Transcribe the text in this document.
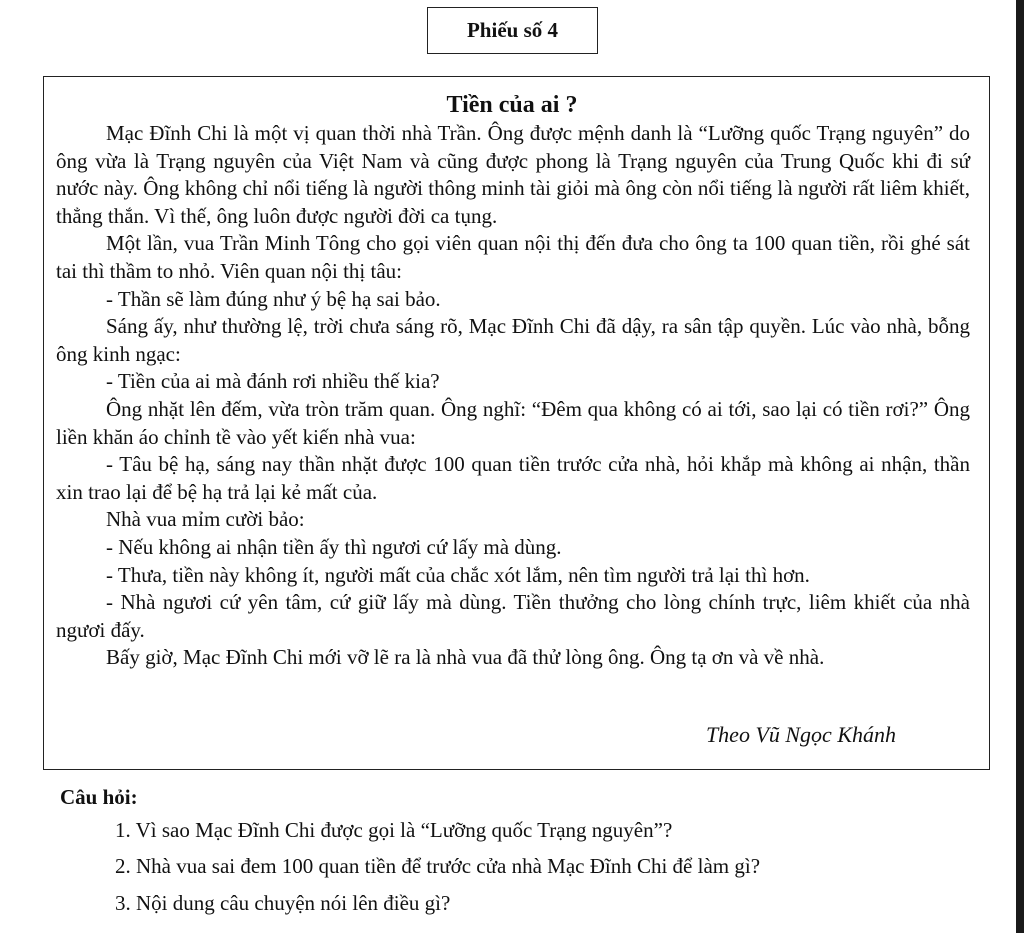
Phiếu số 4
Tiền của ai ?

Mạc Đĩnh Chi là một vị quan thời nhà Trần. Ông được mệnh danh là “Lưỡng quốc Trạng nguyên” do ông vừa là Trạng nguyên của Việt Nam và cũng được phong là Trạng nguyên của Trung Quốc khi đi sứ nước này. Ông không chỉ nổi tiếng là người thông minh tài giỏi mà ông còn nổi tiếng là người rất liêm khiết, thẳng thắn. Vì thế, ông luôn được người đời ca tụng.

Một lần, vua Trần Minh Tông cho gọi viên quan nội thị đến đưa cho ông ta 100 quan tiền, rồi ghé sát tai thì thầm to nhỏ. Viên quan nội thị tâu:

- Thần sẽ làm đúng như ý bệ hạ sai bảo.

Sáng ấy, như thường lệ, trời chưa sáng rõ, Mạc Đĩnh Chi đã dậy, ra sân tập quyền. Lúc vào nhà, bỗng ông kinh ngạc:

- Tiền của ai mà đánh rơi nhiều thế kia?

Ông nhặt lên đếm, vừa tròn trăm quan. Ông nghĩ: “Đêm qua không có ai tới, sao lại có tiền rơi?” Ông liền khăn áo chỉnh tề vào yết kiến nhà vua:

- Tâu bệ hạ, sáng nay thần nhặt được 100 quan tiền trước cửa nhà, hỏi khắp mà không ai nhận, thần xin trao lại để bệ hạ trả lại kẻ mất của.

Nhà vua mỉm cười bảo:

- Nếu không ai nhận tiền ấy thì ngươi cứ lấy mà dùng.

- Thưa, tiền này không ít, người mất của chắc xót lắm, nên tìm người trả lại thì hơn.

- Nhà ngươi cứ yên tâm, cứ giữ lấy mà dùng. Tiền thưởng cho lòng chính trực, liêm khiết của nhà ngươi đấy.

Bấy giờ, Mạc Đĩnh Chi mới vỡ lẽ ra là nhà vua đã thử lòng ông. Ông tạ ơn và về nhà.

Theo Vũ Ngọc Khánh
Câu hỏi:
1. Vì sao Mạc Đĩnh Chi được gọi là “Lưỡng quốc Trạng nguyên”?
2. Nhà vua sai đem 100 quan tiền để trước cửa nhà Mạc Đĩnh Chi để làm gì?
3. Nội dung câu chuyện nói lên điều gì?
